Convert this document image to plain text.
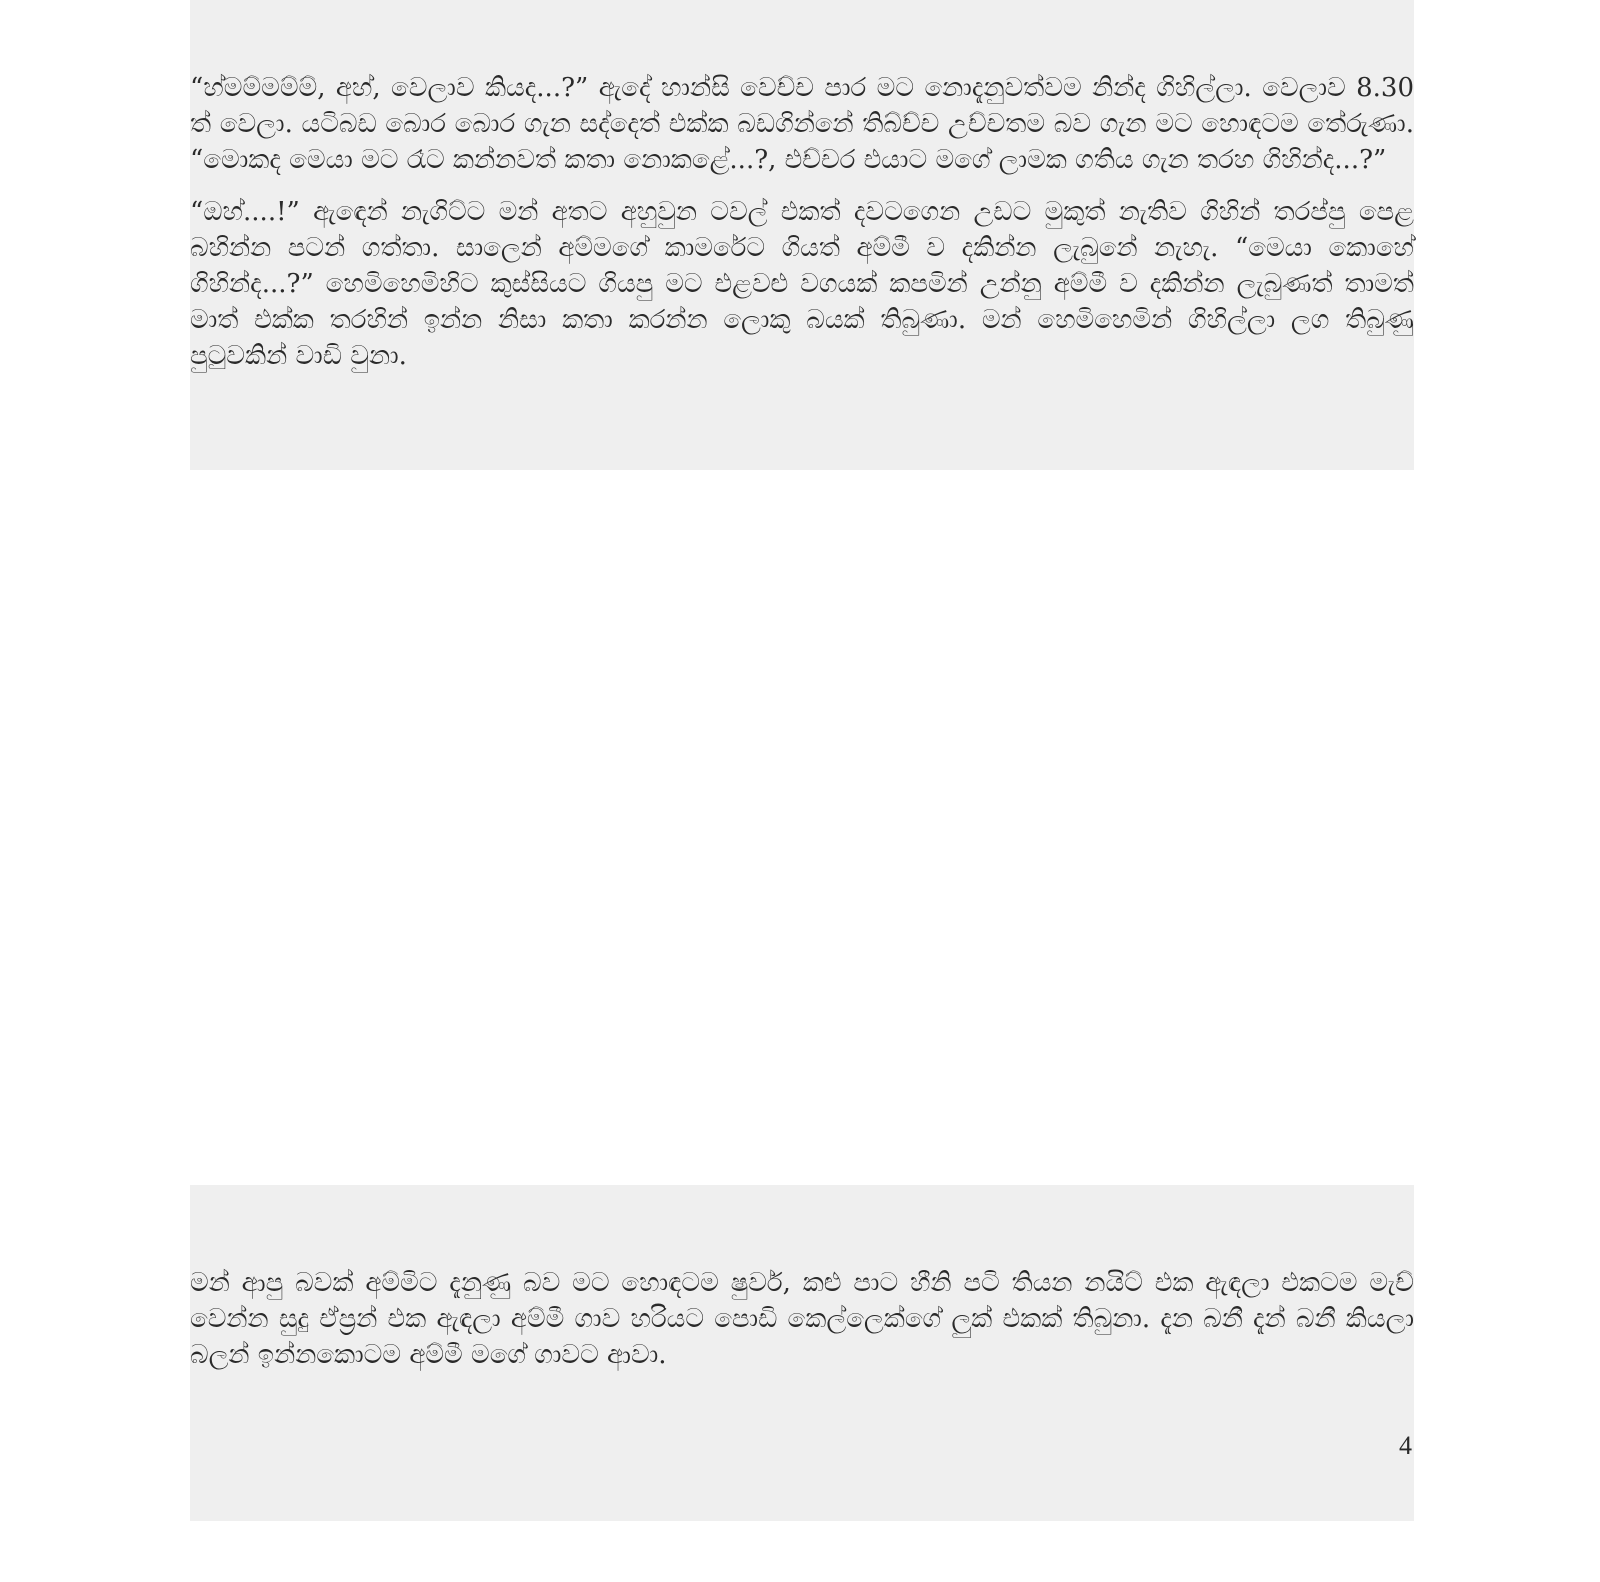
“හ්මම්මම්ම්, අහ්, වෙලාව කියද...?” ඇදේ හාන්සි වෙච්ච පාර මට නොදැනුවත්වම නින්ද ගිහිල්ලා. වෙලාව 8.30 ත් වෙලා. යටිබඩ බොර බොර ගැන සද්දෙත් එක්ක බඩගින්නේ තිබ්ච්ච උච්චතම බව ගැන මට හොඳටම තේරුණා. “මොකද මෙයා මට රෑට කන්නවත් කතා නොකළේ...?, එච්චර එයාට මගේ ලාමක ගතිය ගැන තරහ ගිහින්ද...?”

“ඔහ්....!” ඇඳෙන් නැගිට්ට මන් අතට අහුවුන ටවල් එකත් දවටගෙන උඩට මුකුත් නැතිව ගිහින් තරප්පු පෙළ බහින්න පටන් ගත්තා. සාලෙන් අම්මගේ කාමරේට ගියත් අම්මී ව දකින්න ලැබුනේ නැහැ. “මෙයා කොහේ ගිහින්ද...?” හෙමිහෙමිහිට කුස්සියට ගියපු මට එළවළු වගයක් කපමින් උන්නු අම්මී ව දකින්න ලැබුණත් තාමත් මාත් එක්ක තරහින් ඉන්න නිසා කතා කරන්න ලොකු බයක් තිබුණා. මන් හෙමිහෙමින් ගිහිල්ලා ලග තිබුණු පුටුවකින් වාඩි වුනා.

මන් ආපු බවක් අම්මිට දැනුණු බව මට හොඳටම ෂුවර්, කළු පාට හීනි පටි තියන නයිට් එක ඇඳලා එකටම මැච් වෙන්න සුදු ඒප්‍රන් එක ඇඳලා අම්මී ගාව හරියට පොඩි කෙල්ලෙක්ගේ ලුක් එකක් තිබුනා. දැන බනී දැන් බනී කියලා බලන් ඉන්නකොටම අම්මී මගේ ගාවට ආවා.

4
